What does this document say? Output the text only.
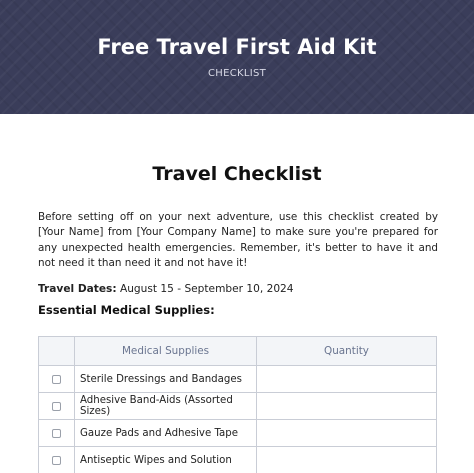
Free Travel First Aid Kit
CHECKLIST
Travel Checklist

Before setting off on your next adventure, use this checklist created by [Your Name] from [Your Company Name] to make sure you're prepared for any unexpected health emergencies. Remember, it's better to have it and not need it than need it and not have it!

Travel Dates: August 15 - September 10, 2024
Essential Medical Supplies:
	Medical Supplies	Quantity

	Sterile Dressings and Bandages	

	Adhesive Band-Aids (Assorted Sizes)	

	Gauze Pads and Adhesive Tape	

	Antiseptic Wipes and Solution	
